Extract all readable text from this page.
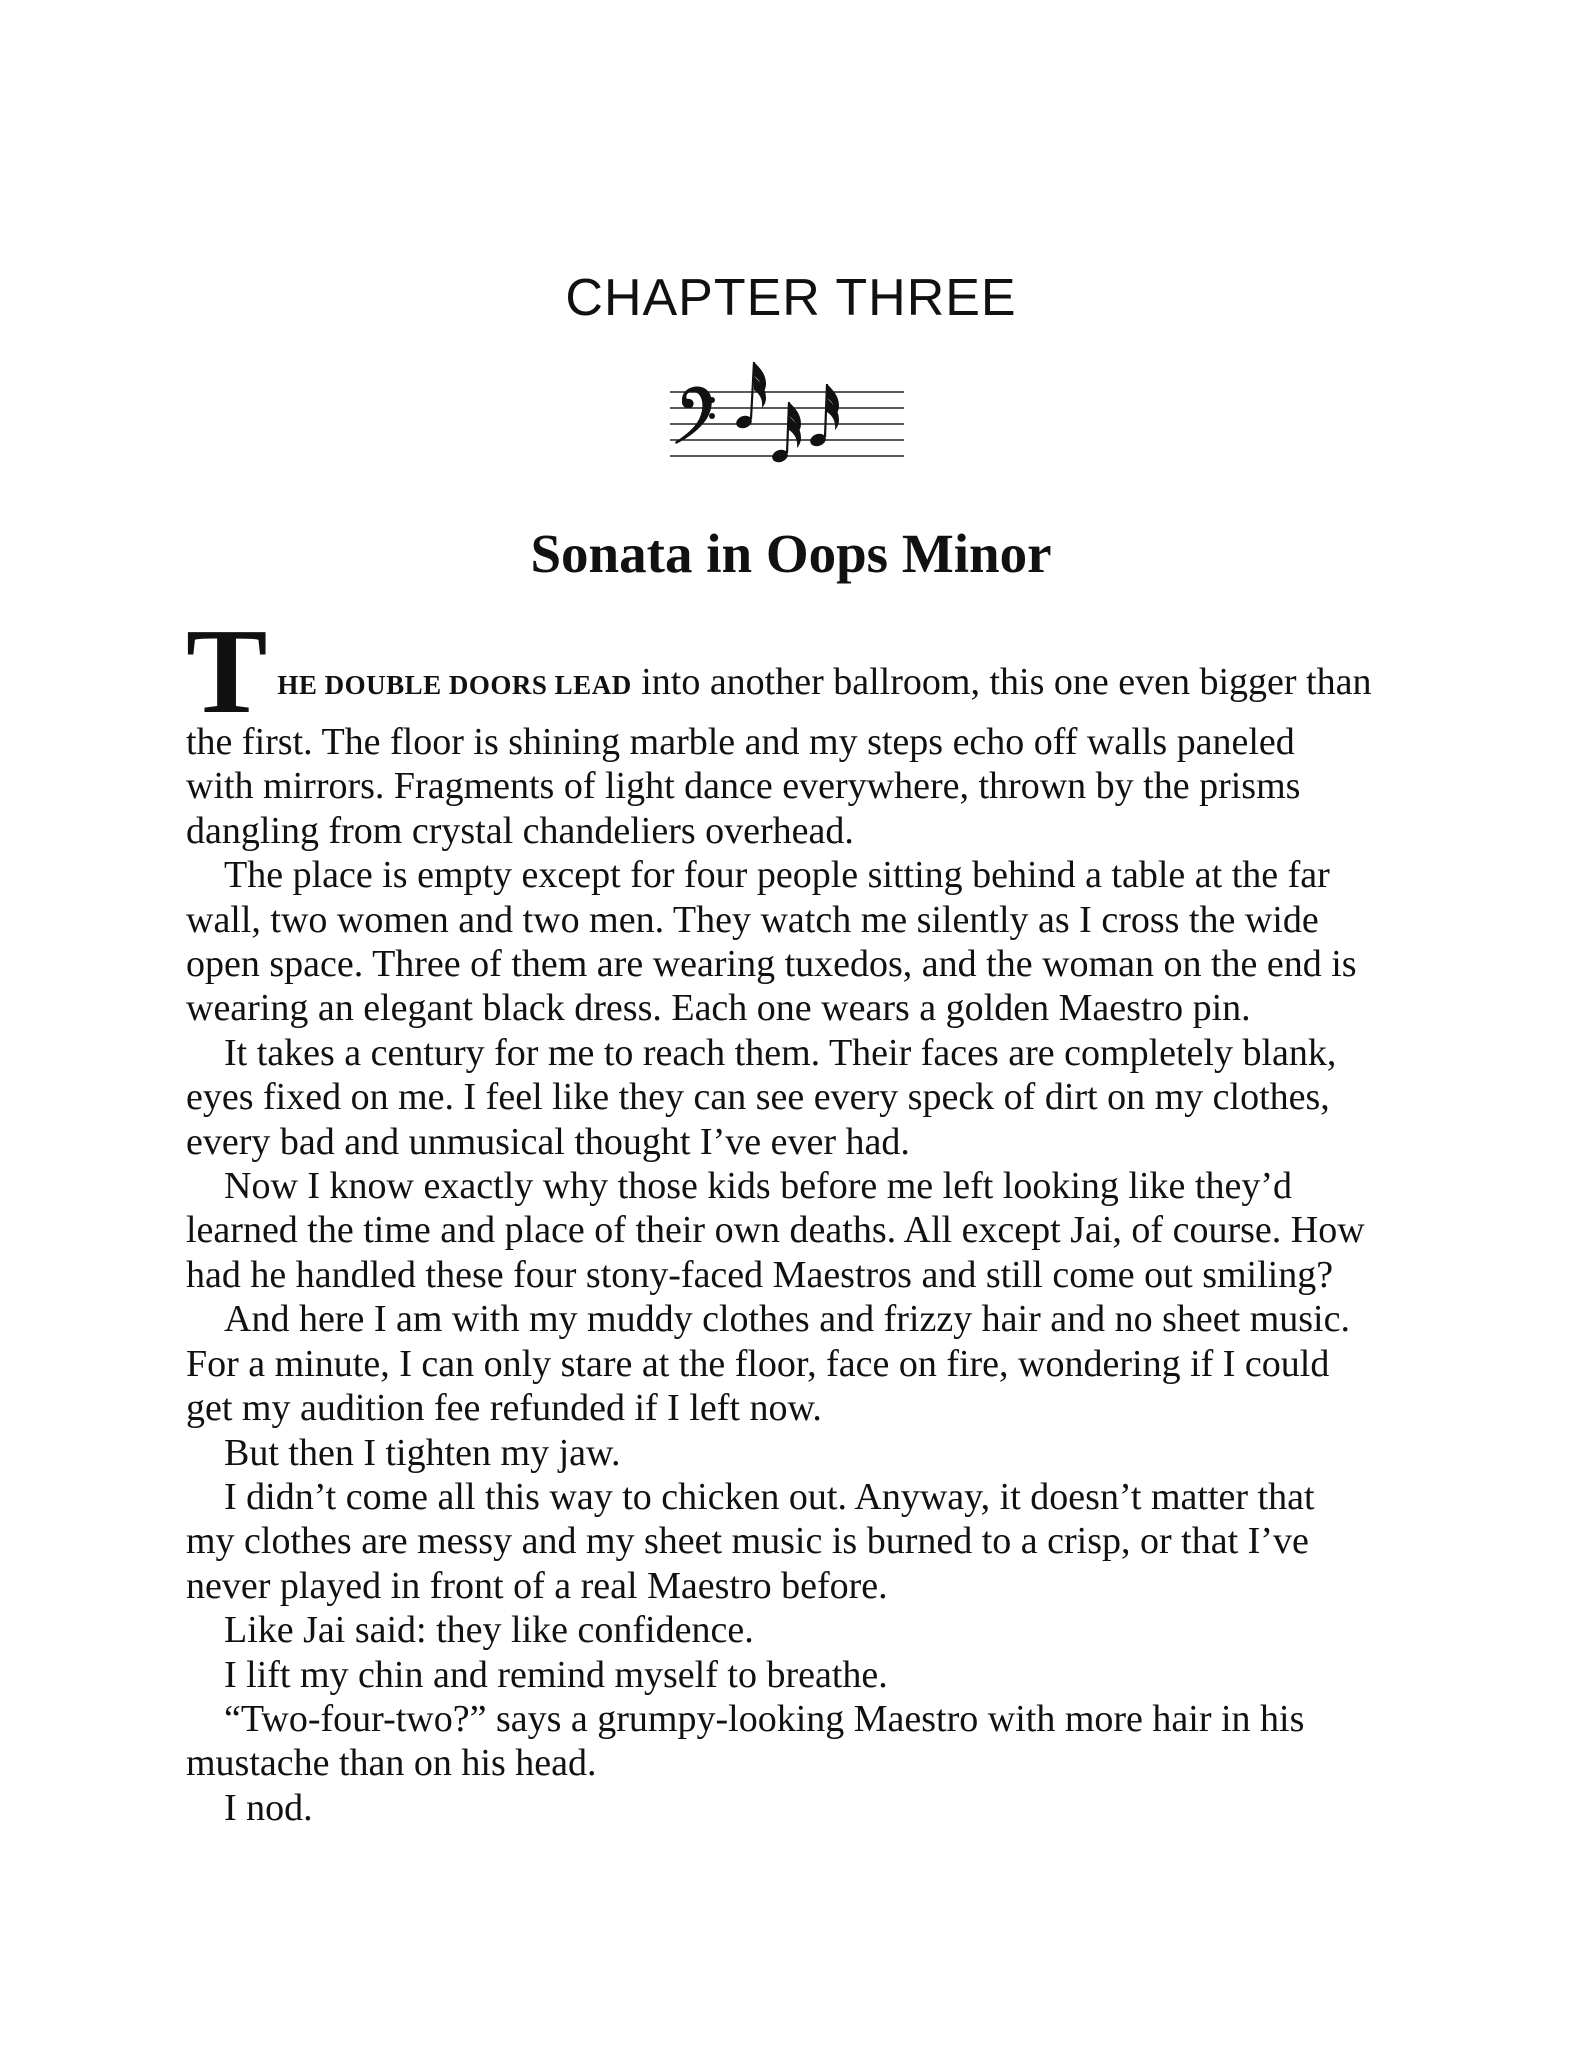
CHAPTER THREE
Sonata in Oops Minor

T HE DOUBLE DOORS LEAD into another ballroom, this one even bigger than
the first. The floor is shining marble and my steps echo off walls paneled
with mirrors. Fragments of light dance everywhere, thrown by the prisms
dangling from crystal chandeliers overhead.

The place is empty except for four people sitting behind a table at the far
wall, two women and two men. They watch me silently as I cross the wide
open space. Three of them are wearing tuxedos, and the woman on the end is
wearing an elegant black dress. Each one wears a golden Maestro pin.

It takes a century for me to reach them. Their faces are completely blank,
eyes fixed on me. I feel like they can see every speck of dirt on my clothes,
every bad and unmusical thought I’ve ever had.

Now I know exactly why those kids before me left looking like they’d
learned the time and place of their own deaths. All except Jai, of course. How
had he handled these four stony-faced Maestros and still come out smiling?

And here I am with my muddy clothes and frizzy hair and no sheet music.
For a minute, I can only stare at the floor, face on fire, wondering if I could
get my audition fee refunded if I left now.

But then I tighten my jaw.

I didn’t come all this way to chicken out. Anyway, it doesn’t matter that
my clothes are messy and my sheet music is burned to a crisp, or that I’ve
never played in front of a real Maestro before.

Like Jai said: they like confidence.

I lift my chin and remind myself to breathe.

“Two-four-two?” says a grumpy-looking Maestro with more hair in his
mustache than on his head.

I nod.
